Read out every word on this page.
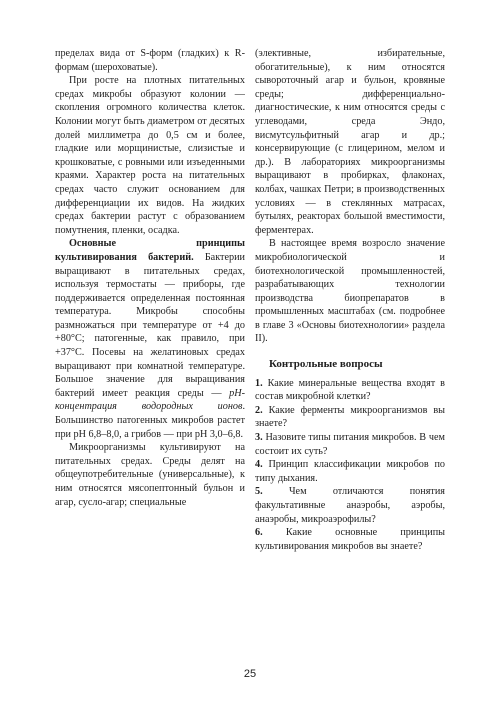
пределах вида от S-форм (гладких) к R-формам (шероховатые).

При росте на плотных питательных средах микробы образуют колонии — скопления огромного количества клеток. Колонии могут быть диаметром от десятых долей миллиметра до 0,5 см и более, гладкие или морщинистые, слизистые и крошковатые, с ровными или изъеденными краями. Характер роста на питательных средах часто служит основанием для дифференциации их видов. На жидких средах бактерии растут с образованием помутнения, пленки, осадка.

Основные принципы культивирования бактерий. Бактерии выращивают в питательных средах, используя термостаты — приборы, где поддерживается определенная постоянная температура. Микробы способны размножаться при температуре от +4 до +80°С; патогенные, как правило, при +37°С. Посевы на желатиновых средах выращивают при комнатной температуре. Большое значение для выращивания бактерий имеет реакция среды — pH-концентрация водородных ионов. Большинство патогенных микробов растет при pH 6,8–8,0, а грибов — при pH 3,0–6,8.

Микроорганизмы культивируют на питательных средах. Среды делят на общеупотребительные (универсальные), к ним относятся мясопептонный бульон и агар, сусло-агар; специальные

(элективные, избирательные, обогатительные), к ним относятся сывороточный агар и бульон, кровяные среды; дифференциально-диагностические, к ним относятся среды с углеводами, среда Эндо, висмутсульфитный агар и др.; консервирующие (с глицерином, мелом и др.). В лабораториях микроорганизмы выращивают в пробирках, флаконах, колбах, чашках Петри; в производственных условиях — в стеклянных матрасах, бутылях, реакторах большой вместимости, ферментерах.

В настоящее время возросло значение микробиологической и биотехнологической промышленностей, разрабатывающих технологии производства биопрепаратов в промышленных масштабах (см. подробнее в главе 3 «Основы биотехнологии» раздела II).

Контрольные вопросы

1. Какие минеральные вещества входят в состав микробной клетки?

2. Какие ферменты микроорганизмов вы знаете?

3. Назовите типы питания микробов. В чем состоит их суть?

4. Принцип классификации микробов по типу дыхания.

5. Чем отличаются понятия факультативные анаэробы, аэробы, анаэробы, микроаэрофилы?

6. Какие основные принципы культивирования микробов вы знаете?

25
